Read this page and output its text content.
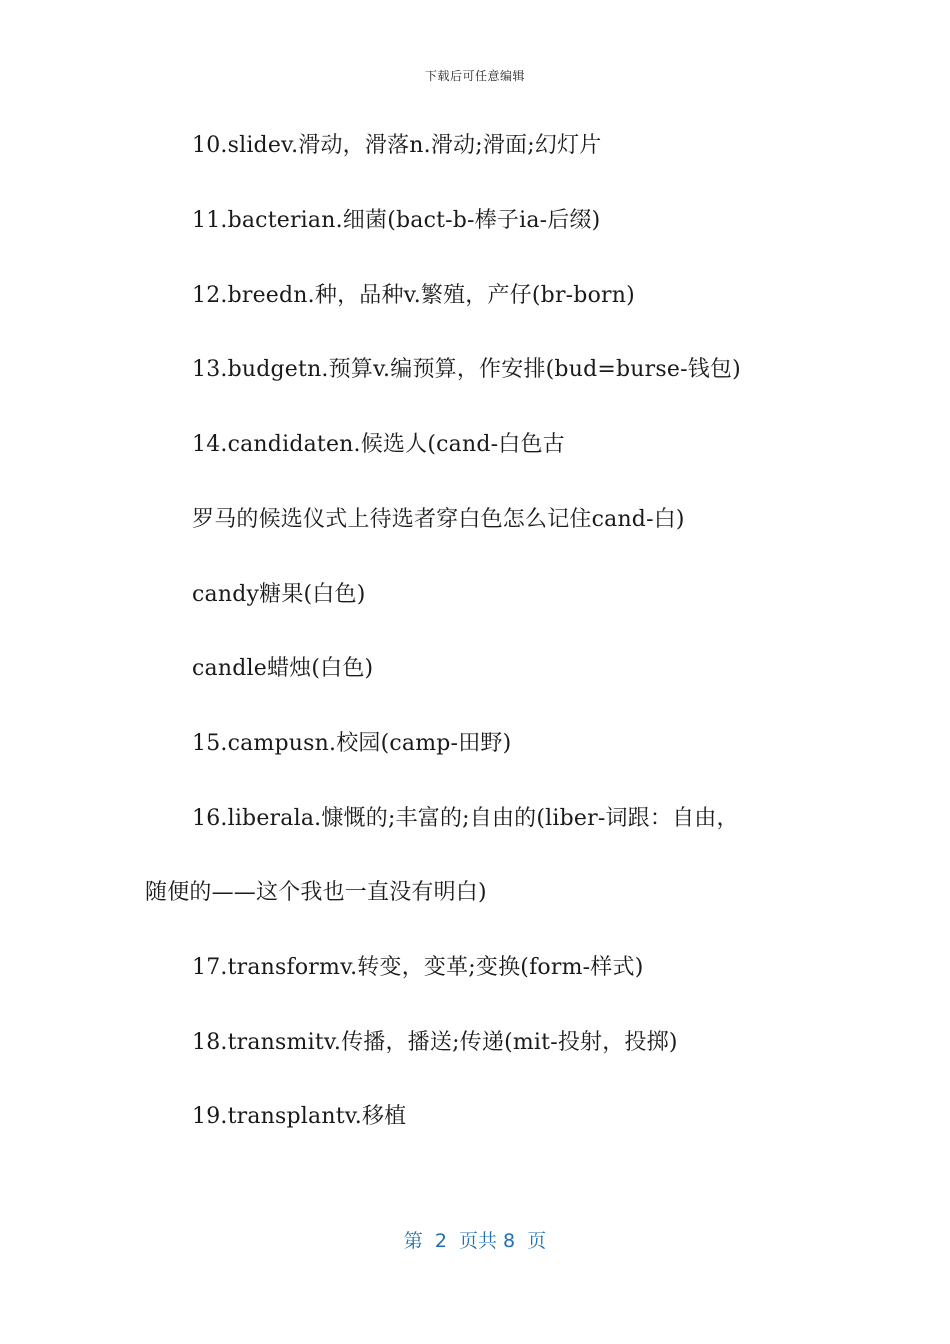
下载后可任意编辑
10.slidev.滑动，滑落n.滑动;滑面;幻灯片
11.bacterian.细菌(bact-b-棒子ia-后缀)
12.breedn.种，品种v.繁殖，产仔(br-born)
13.budgetn.预算v.编预算，作安排(bud=burse-钱包)
14.candidaten.候选人(cand-白色古
罗马的候选仪式上待选者穿白色怎么记住cand-白)
candy糖果(白色)
candle蜡烛(白色)
15.campusn.校园(camp-田野)
16.liberala.慷慨的;丰富的;自由的(liber-词跟：自由，
随便的——这个我也一直没有明白)
17.transformv.转变，变革;变换(form-样式)
18.transmitv.传播，播送;传递(mit-投射，投掷)
19.transplantv.移植
第  2  页共 8  页
